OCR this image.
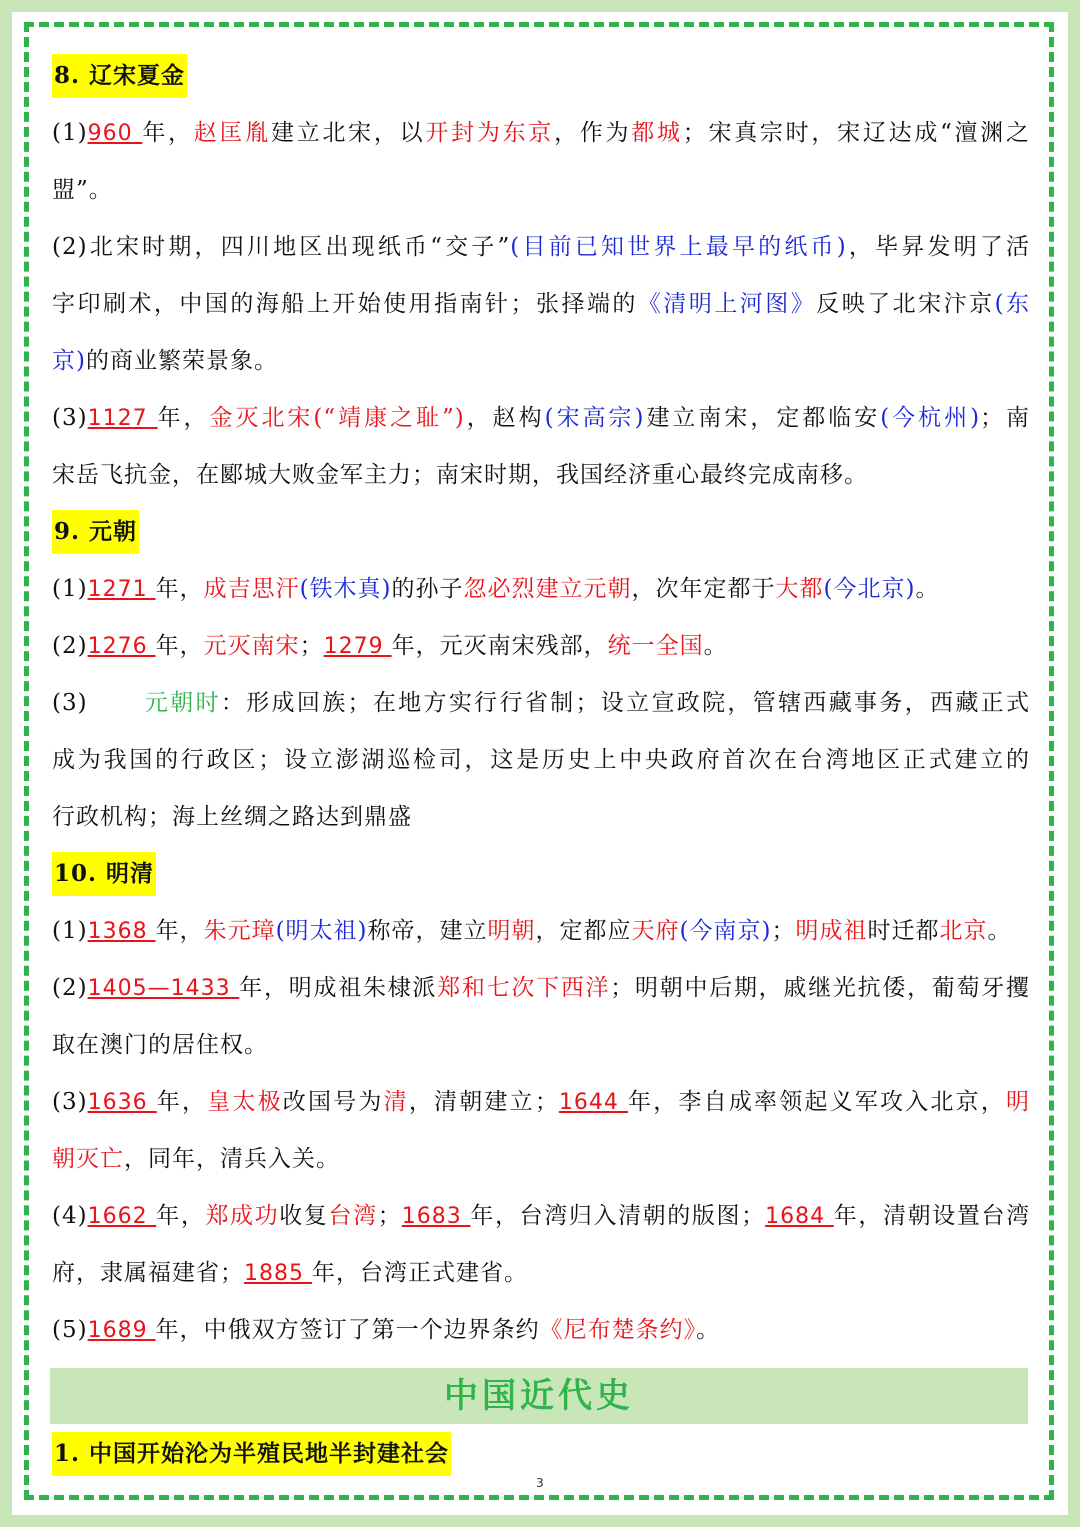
8. 辽宋夏金
(1)960 年，赵匡胤建立北宋，以开封为东京，作为都城；宋真宗时，宋辽达成“澶渊之
盟”。
(2)北宋时期，四川地区出现纸币“交子”(目前已知世界上最早的纸币)，毕昇发明了活
字印刷术，中国的海船上开始使用指南针；张择端的《清明上河图》反映了北宋汴京(东
京)的商业繁荣景象。
(3)1127 年，金灭北宋(“靖康之耻”)，赵构(宋高宗)建立南宋，定都临安(今杭州)；南
宋岳飞抗金，在郾城大败金军主力；南宋时期，我国经济重心最终完成南移。
9. 元朝
(1)1271 年，成吉思汗(铁木真)的孙子忽必烈建立元朝，次年定都于大都(今北京)。
(2)1276 年，元灭南宋；1279 年，元灭南宋残部，统一全国。
(3) 元朝时：形成回族；在地方实行行省制；设立宣政院，管辖西藏事务，西藏正式
成为我国的行政区；设立澎湖巡检司，这是历史上中央政府首次在台湾地区正式建立的
行政机构；海上丝绸之路达到鼎盛
10. 明清
(1)1368 年，朱元璋(明太祖)称帝，建立明朝，定都应天府(今南京)；明成祖时迁都北京。
(2)1405—1433 年，明成祖朱棣派郑和七次下西洋；明朝中后期，戚继光抗倭，葡萄牙攫
取在澳门的居住权。
(3)1636 年，皇太极改国号为清，清朝建立；1644 年，李自成率领起义军攻入北京，明
朝灭亡，同年，清兵入关。
(4)1662 年，郑成功收复台湾；1683 年，台湾归入清朝的版图；1684 年，清朝设置台湾
府，隶属福建省；1885 年，台湾正式建省。
(5)1689 年，中俄双方签订了第一个边界条约《尼布楚条约》。
中国近代史
1. 中国开始沦为半殖民地半封建社会
3
